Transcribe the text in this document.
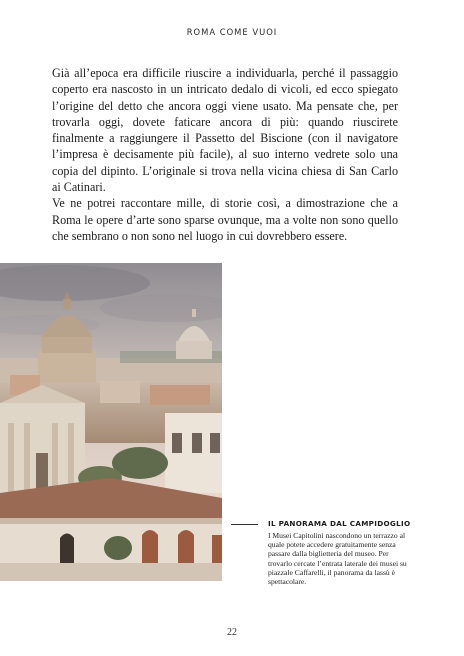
ROMA COME VUOI

Già all’epoca era difficile riuscire a individuarla, perché il passaggio coperto era nascosto in un intricato dedalo di vicoli, ed ecco spiegato l’origine del detto che ancora oggi viene usato. Ma pensate che, per trovarla oggi, dovete faticare ancora di più: quando riuscirete finalmente a raggiungere il Passetto del Biscione (con il navigatore l’impresa è decisamente più facile), al suo interno vedrete solo una copia del dipinto. L’originale si trova nella vicina chiesa di San Carlo ai Catinari.

Ve ne potrei raccontare mille, di storie così, a dimostrazione che a Roma le opere d’arte sono sparse ovunque, ma a volte non sono quello che sembrano o non sono nel luogo in cui dovrebbero essere.

IL PANORAMA DAL CAMPIDOGLIO
I Musei Capitolini nascondono un terrazzo al quale potete accedere gratuitamente senza passare dalla biglietteria del museo. Per trovarlo cercate l’entrata laterale dei musei su piazzale Caffarelli, il panorama da lassù è spettacolare.
22
